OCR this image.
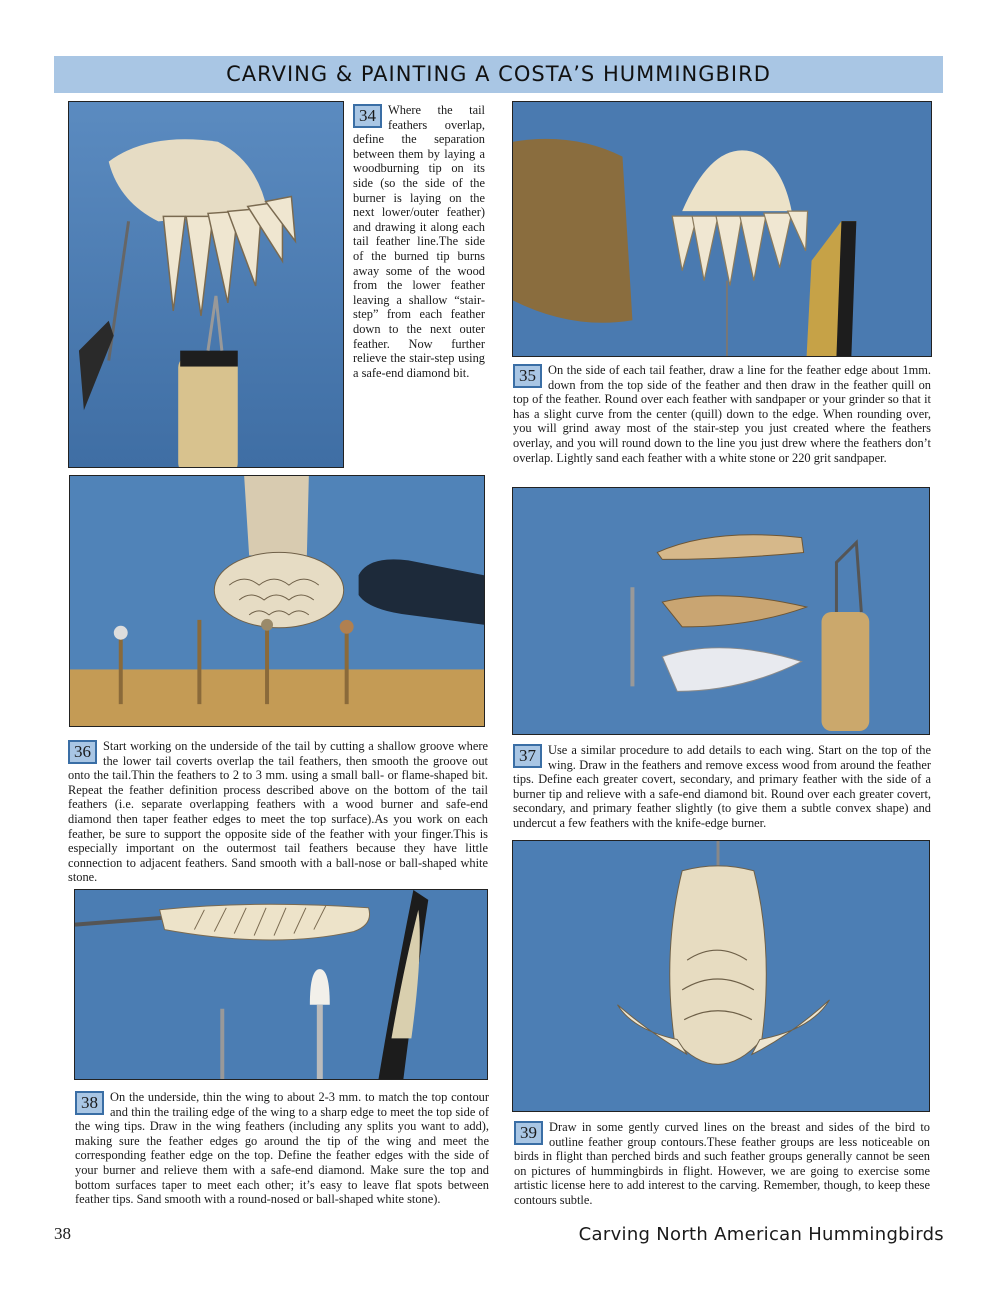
CARVING & PAINTING A COSTA’S HUMMINGBIRD

34 Where the tail feathers overlap, define the separation between them by laying a woodburning tip on its side (so the side of the burner is laying on the next lower/outer feather) and drawing it along each tail feather line.The side of the burned tip burns away some of the wood from the lower feather leaving a shallow “stair-step” from each feather down to the next outer feather. Now further relieve the stair-step using a safe-end diamond bit.	35 On the side of each tail feather, draw a line for the feather edge about 1mm. down from the top side of the feather and then draw in the feather quill on top of the feather. Round over each feather with sandpaper or your grinder so that it has a slight curve from the center (quill) down to the edge. When rounding over, you will grind away most of the stair-step you just created where the feathers overlay, and you will round down to the line you just drew where the feathers don’t overlap. Lightly sand each feather with a white stone or 220 grit sandpaper.

36 Start working on the underside of the tail by cutting a shallow groove where the lower tail coverts overlap the tail feathers, then smooth the groove out onto the tail.Thin the feathers to 2 to 3 mm. using a small ball- or flame-shaped bit. Repeat the feather definition process described above on the bottom of the tail feathers (i.e. separate overlapping feathers with a wood burner and safe-end diamond then taper feather edges to meet the top surface).As you work on each feather, be sure to support the opposite side of the feather with your finger.This is especially important on the outermost tail feathers because they have little connection to adjacent feathers. Sand smooth with a ball-nose or ball-shaped white stone.

37 Use a similar procedure to add details to each wing. Start on the top of the wing. Draw in the feathers and remove excess wood from around the feather tips. Define each greater covert, secondary, and primary feather with the side of a burner tip and relieve with a safe-end diamond bit. Round over each greater covert, secondary, and primary feather slightly (to give them a subtle convex shape) and undercut a few feathers with the knife-edge burner.

38 On the underside, thin the wing to about 2-3 mm. to match the top contour and thin the trailing edge of the wing to a sharp edge to meet the top side of the wing tips. Draw in the wing feathers (including any splits you want to add), making sure the feather edges go around the tip of the wing and meet the corresponding feather edge on the top. Define the feather edges with the side of your burner and relieve them with a safe-end diamond. Make sure the top and bottom surfaces taper to meet each other; it’s easy to leave flat spots between feather tips. Sand smooth with a round-nosed or ball-shaped white stone).

39 Draw in some gently curved lines on the breast and sides of the bird to outline feather group contours.These feather groups are less noticeable on birds in flight than perched birds and such feather groups generally cannot be seen on pictures of hummingbirds in flight. However, we are going to exercise some artistic license here to add interest to the carving. Remember, though, to keep these contours subtle.

38	Carving North American Hummingbirds
